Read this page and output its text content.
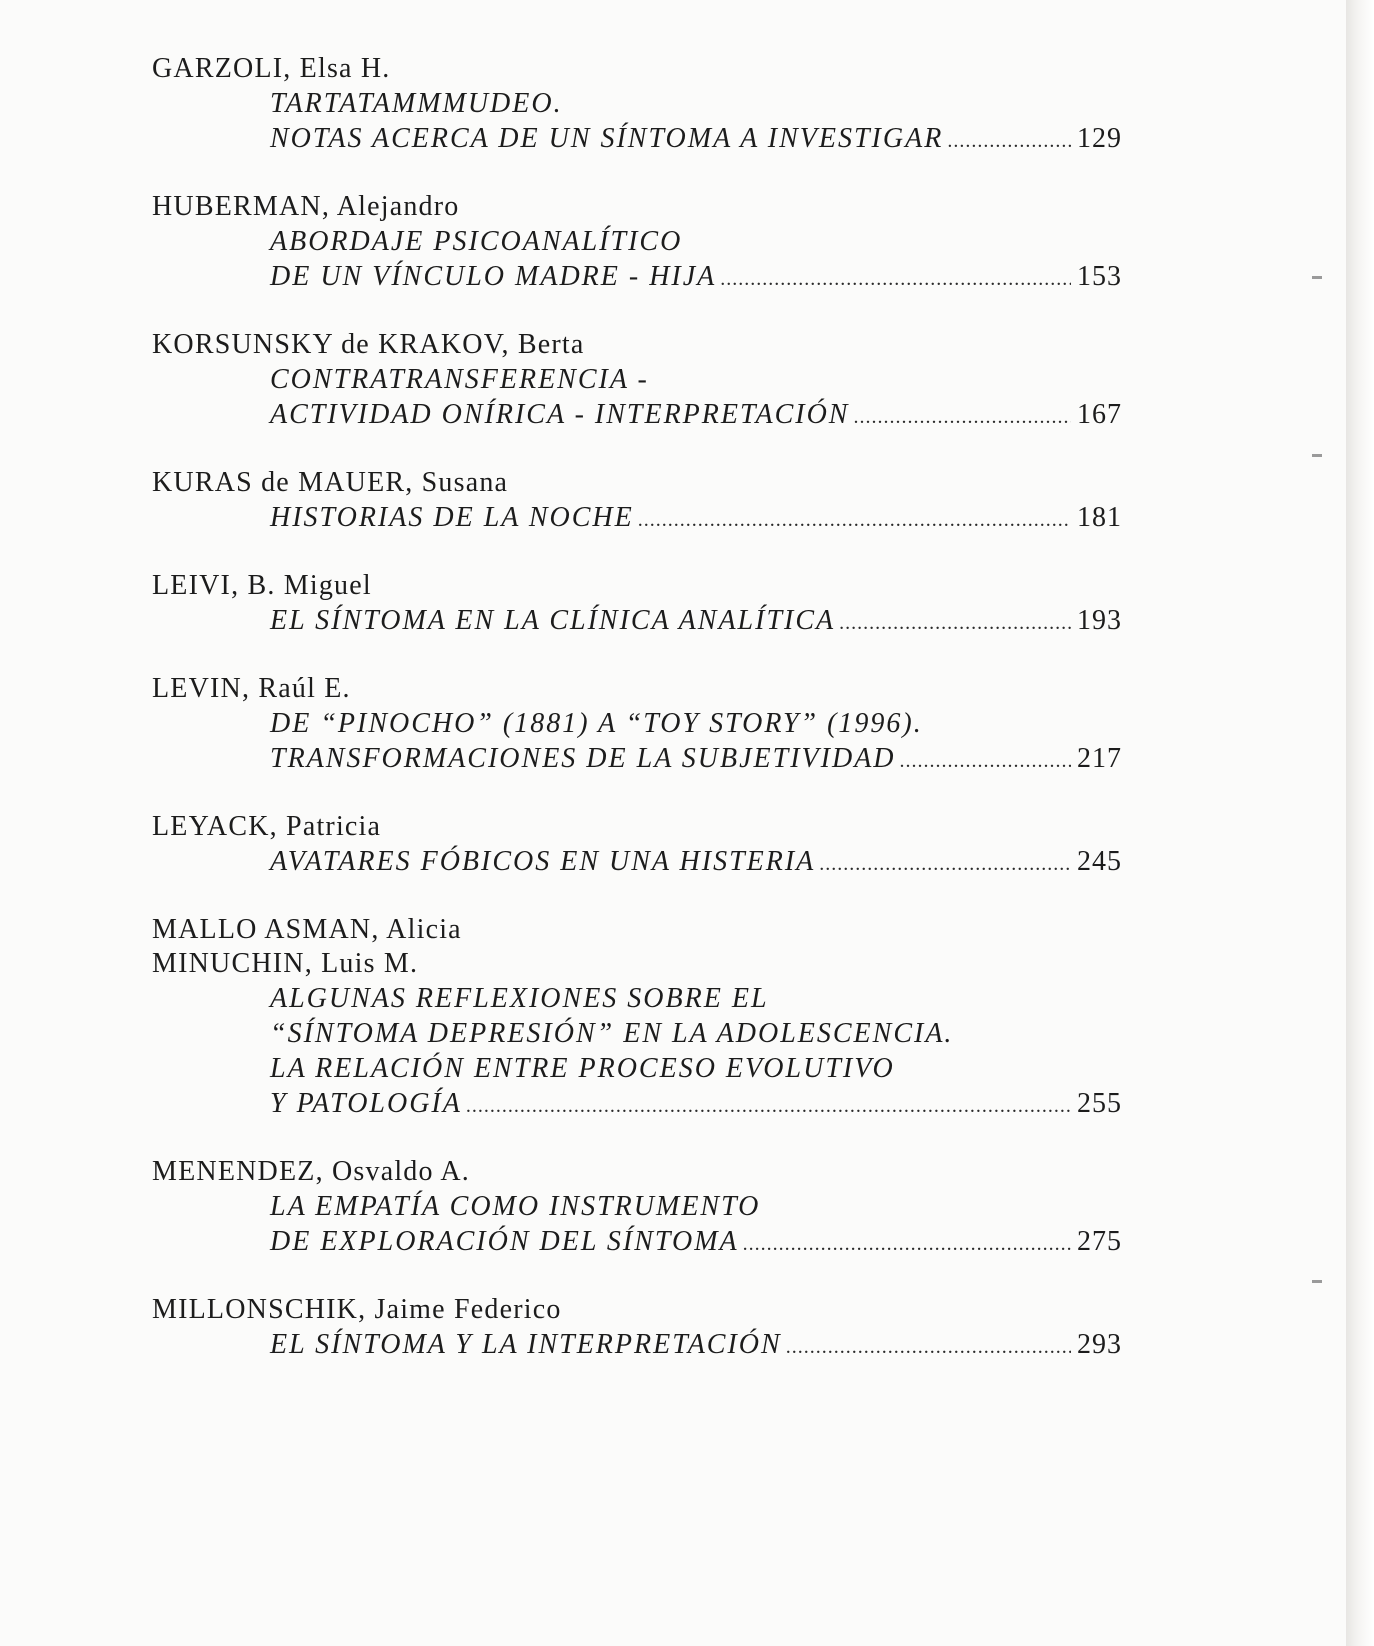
GARZOLI, Elsa H.
TARTATAMMMUDEO.
NOTAS ACERCA DE UN SÍNTOMA A INVESTIGAR .....	129
HUBERMAN, Alejandro
ABORDAJE PSICOANALÍTICO
DE UN VÍNCULO MADRE - HIJA .....	153
KORSUNSKY de KRAKOV, Berta
CONTRATRANSFERENCIA -
ACTIVIDAD ONÍRICA - INTERPRETACIÓN .....	167
KURAS de MAUER, Susana
HISTORIAS DE LA NOCHE .....	181
LEIVI, B. Miguel
EL SÍNTOMA EN LA CLÍNICA ANALÍTICA .....	193
LEVIN, Raúl E.
DE “PINOCHO” (1881) A “TOY STORY” (1996).
TRANSFORMACIONES DE LA SUBJETIVIDAD .....	217
LEYACK, Patricia
AVATARES FÓBICOS EN UNA HISTERIA .....	245
MALLO ASMAN, Alicia
MINUCHIN, Luis M.
ALGUNAS REFLEXIONES SOBRE EL
“SÍNTOMA DEPRESIÓN” EN LA ADOLESCENCIA.
LA RELACIÓN ENTRE PROCESO EVOLUTIVO
Y PATOLOGÍA .....	255
MENENDEZ, Osvaldo A.
LA EMPATÍA COMO INSTRUMENTO
DE EXPLORACIÓN DEL SÍNTOMA .....	275
MILLONSCHIK, Jaime Federico
EL SÍNTOMA Y LA INTERPRETACIÓN .....	293
